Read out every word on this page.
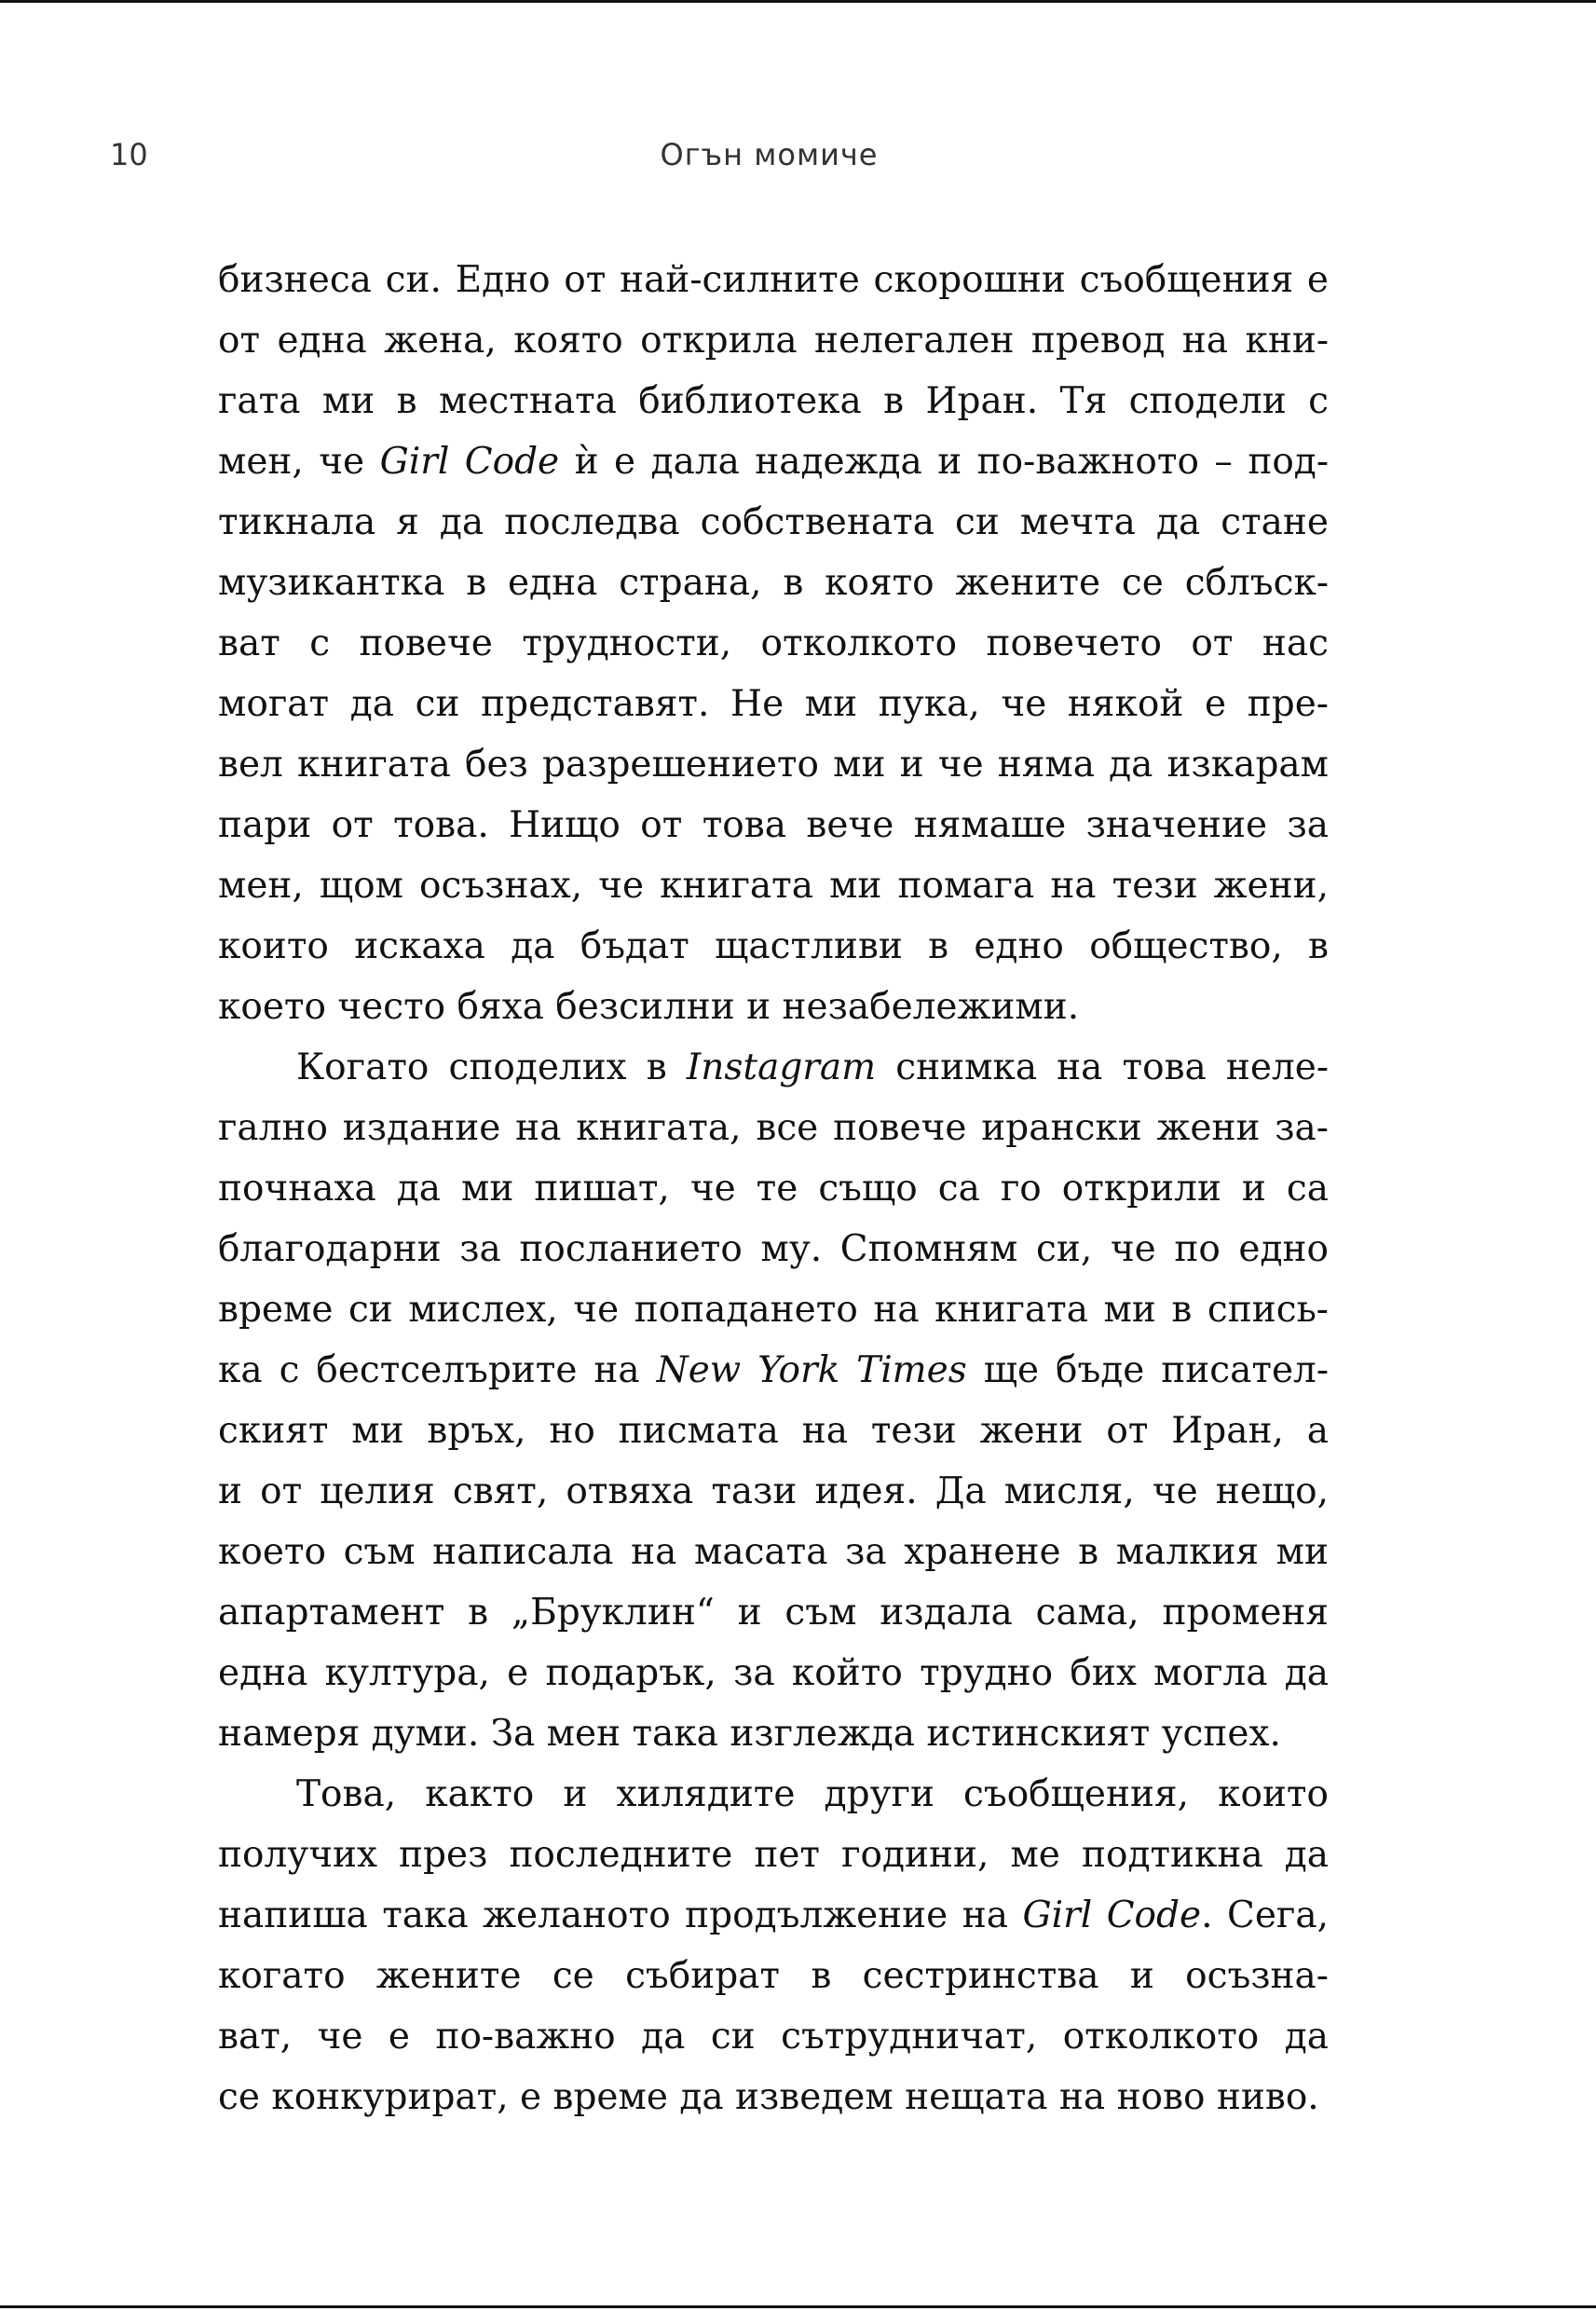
10	Огън момиче
бизнеса си. Едно от най-силните скорошни съобщения е
от една жена, която открила нелегален превод на кни-
гата ми в местната библиотека в Иран. Тя сподели с
мен, че Girl Code ѝ е дала надежда и по-важното – под-
тикнала я да последва собствената си мечта да стане
музикантка в една страна, в която жените се сблъск-
ват с повече трудности, отколкото повечето от нас
могат да си представят. Не ми пука, че някой е пре-
вел книгата без разрешението ми и че няма да изкарам
пари от това. Нищо от това вече нямаше значение за
мен, щом осъзнах, че книгата ми помага на тези жени,
които искаха да бъдат щастливи в едно общество, в
което често бяха безсилни и незабележими.
Когато споделих в Instagram снимка на това неле-
гално издание на книгата, все повече ирански жени за-
почнаха да ми пишат, че те също са го открили и са
благодарни за посланието му. Спомням си, че по едно
време си мислех, че попадането на книгата ми в спись-
ка с бестселърите на New York Times ще бъде писател-
ският ми връх, но писмата на тези жени от Иран, а
и от целия свят, отвяха тази идея. Да мисля, че нещо,
което съм написала на масата за хранене в малкия ми
апартамент в „Бруклин“ и съм издала сама, променя
една култура, е подарък, за който трудно бих могла да
намеря думи. За мен така изглежда истинският успех.
Това, както и хилядите други съобщения, които
получих през последните пет години, ме подтикна да
напиша така желаното продължение на Girl Code. Сега,
когато жените се събират в сестринства и осъзна-
ват, че е по-важно да си сътрудничат, отколкото да
се конкурират, е време да изведем нещата на ново ниво.
